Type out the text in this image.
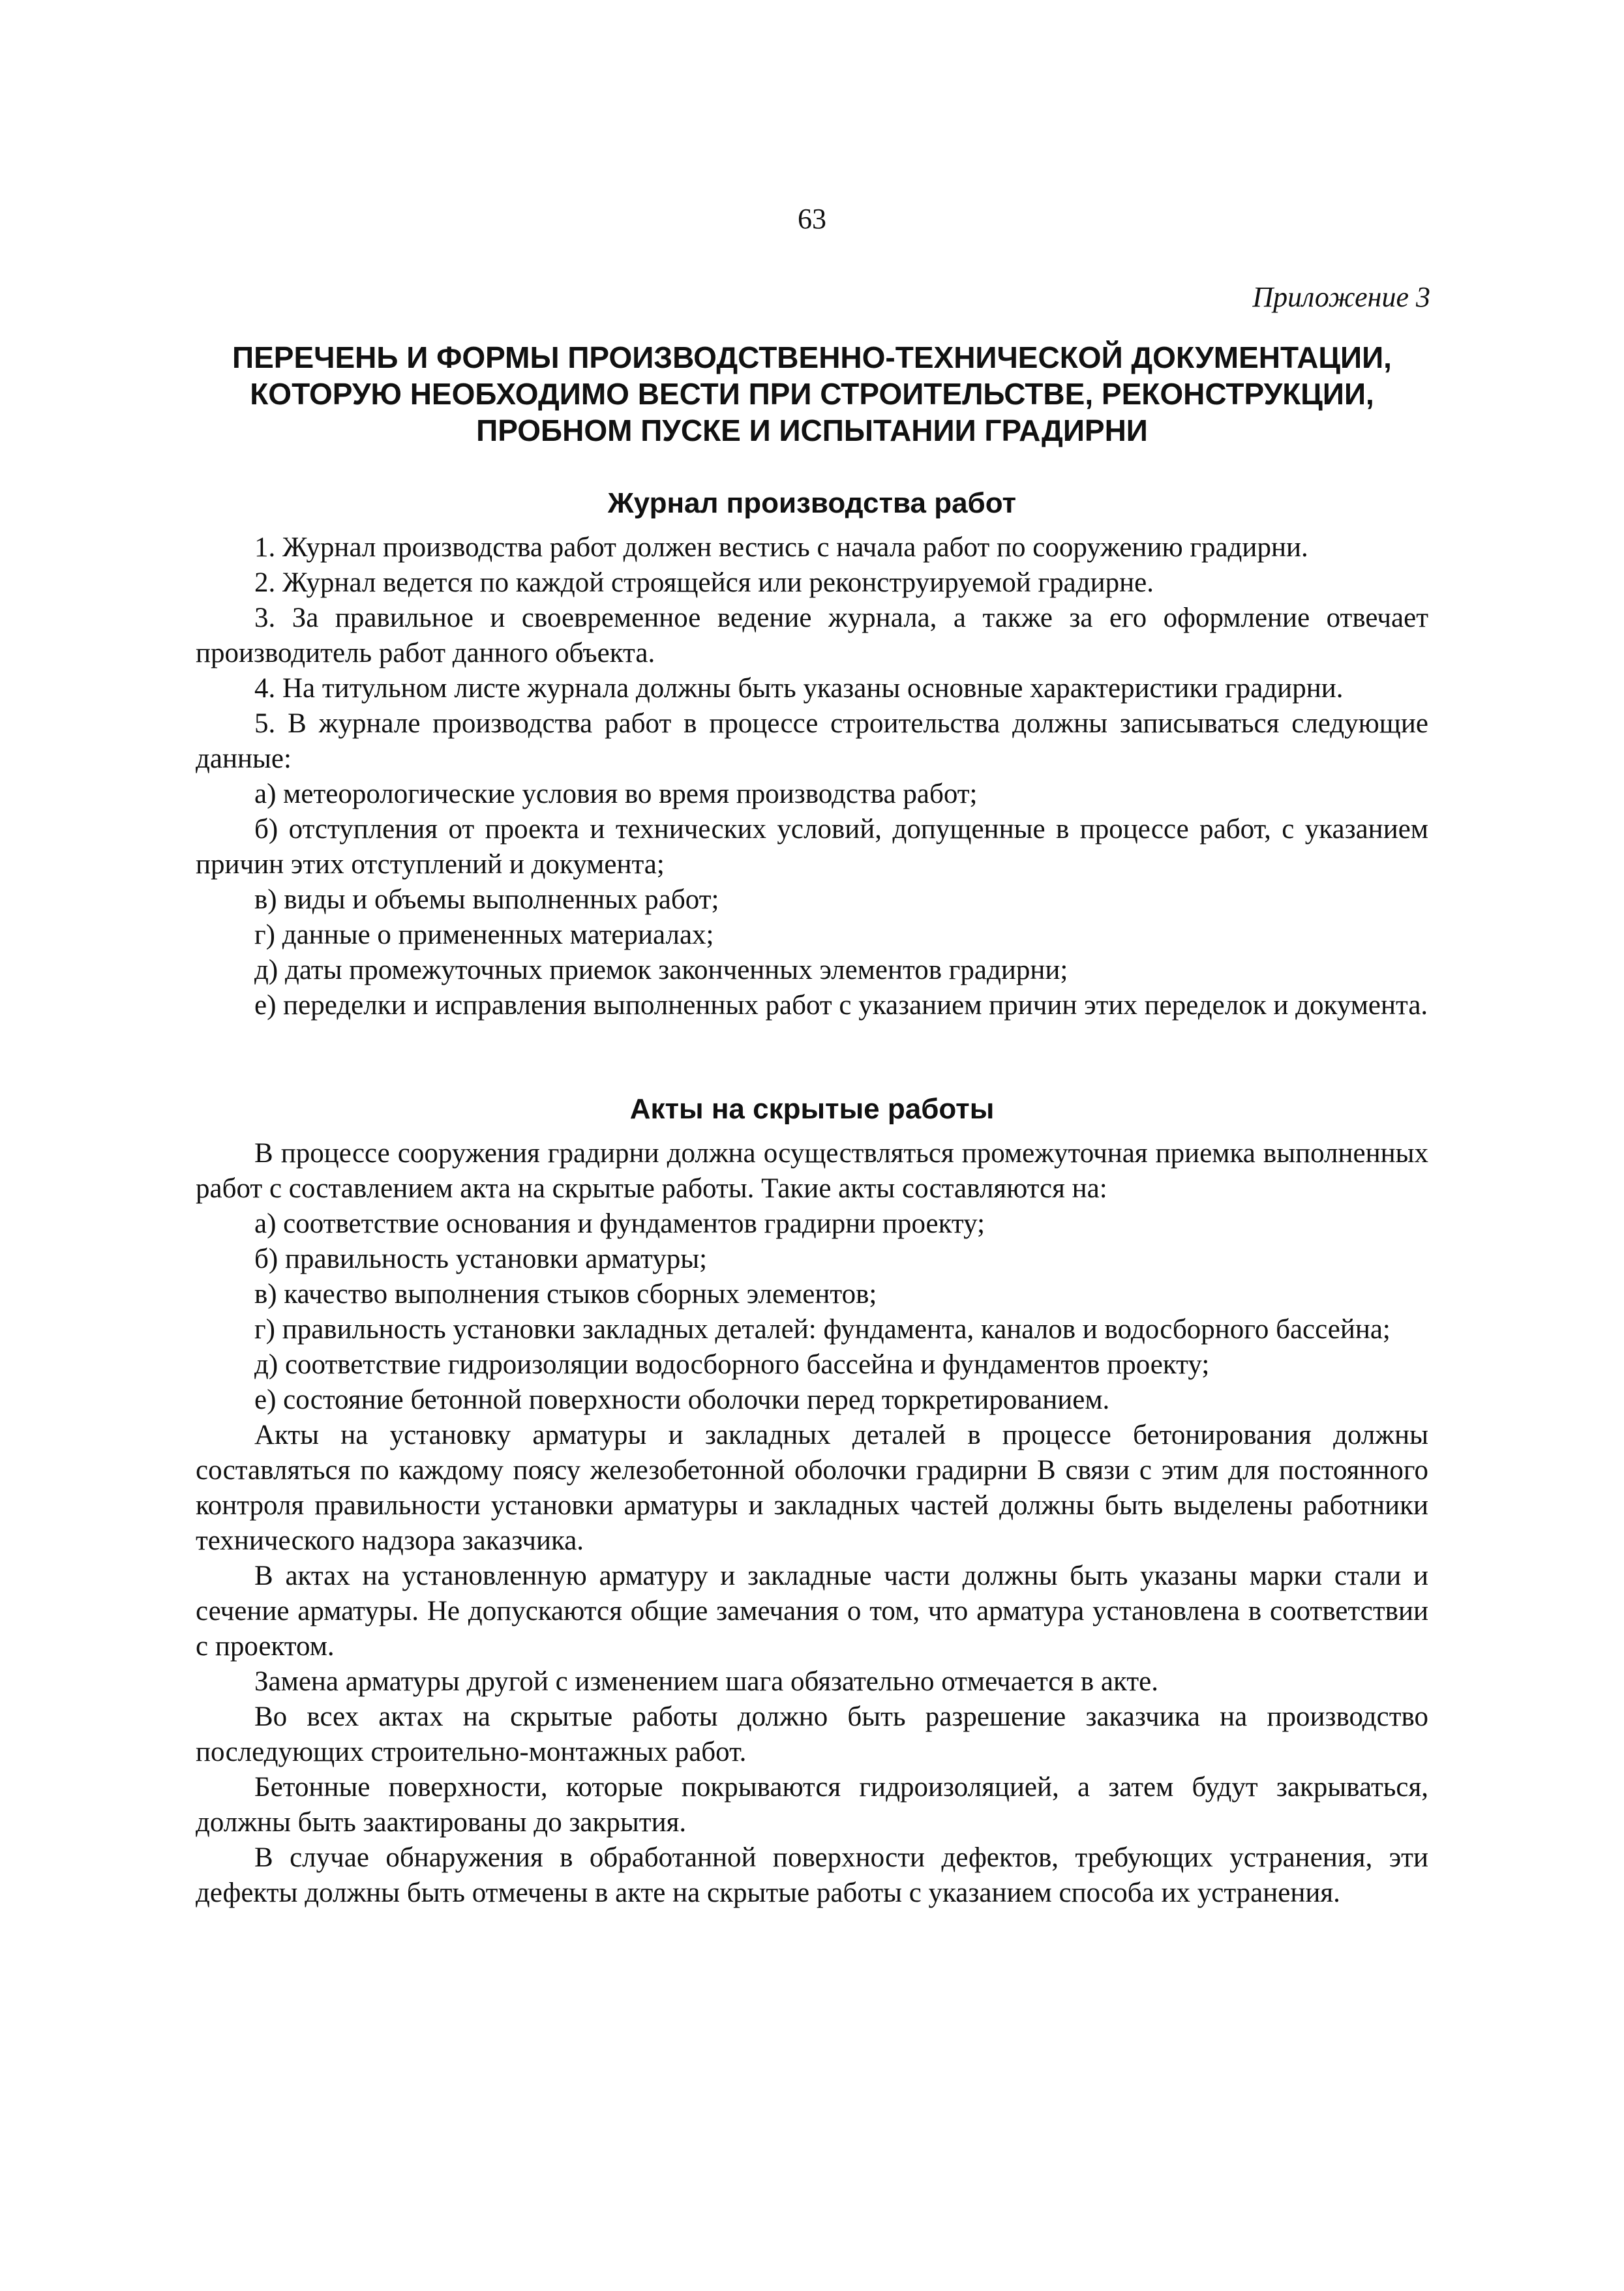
63
Приложение 3
ПЕРЕЧЕНЬ И ФОРМЫ ПРОИЗВОДСТВЕННО-ТЕХНИЧЕСКОЙ ДОКУМЕНТАЦИИ,
КОТОРУЮ НЕОБХОДИМО ВЕСТИ ПРИ СТРОИТЕЛЬСТВЕ, РЕКОНСТРУКЦИИ,
ПРОБНОМ ПУСКЕ И ИСПЫТАНИИ ГРАДИРНИ
Журнал производства работ

1. Журнал производства работ должен вестись с начала работ по сооружению градирни.

2. Журнал ведется по каждой строящейся или реконструируемой градирне.

3. За правильное и своевременное ведение журнала, а также за его оформление отвечает производитель работ данного объекта.

4. На титульном листе журнала должны быть указаны основные характеристики градирни.

5. В журнале производства работ в процессе строительства должны записываться следующие данные:

а) метеорологические условия во время производства работ;

б) отступления от проекта и технических условий, допущенные в процессе работ, с указанием причин этих отступлений и документа;

в) виды и объемы выполненных работ;

г) данные о примененных материалах;

д) даты промежуточных приемок законченных элементов градирни;

е) переделки и исправления выполненных работ с указанием причин этих переделок и документа.

Акты на скрытые работы

В процессе сооружения градирни должна осуществляться промежуточная приемка выполненных работ с составлением акта на скрытые работы. Такие акты составляются на:

а) соответствие основания и фундаментов градирни проекту;

б) правильность установки арматуры;

в) качество выполнения стыков сборных элементов;

г) правильность установки закладных деталей: фундамента, каналов и водосборного бассейна;

д) соответствие гидроизоляции водосборного бассейна и фундаментов проекту;

е) состояние бетонной поверхности оболочки перед торкретированием.

Акты на установку арматуры и закладных деталей в процессе бетонирования должны составляться по каждому поясу железобетонной оболочки градирни В связи с этим для постоянного контроля правильности установки арматуры и закладных частей должны быть выделены работники технического надзора заказчика.

В актах на установленную арматуру и закладные части должны быть указаны марки стали и сечение арматуры. Не допускаются общие замечания о том, что арматура установлена в соответствии с проектом.

Замена арматуры другой с изменением шага обязательно отмечается в акте.

Во всех актах на скрытые работы должно быть разрешение заказчика на производство последующих строительно-монтажных работ.

Бетонные поверхности, которые покрываются гидроизоляцией, а затем будут закрываться, должны быть заактированы до закрытия.

В случае обнаружения в обработанной поверхности дефектов, требующих устранения, эти дефекты должны быть отмечены в акте на скрытые работы с указанием способа их устранения.
